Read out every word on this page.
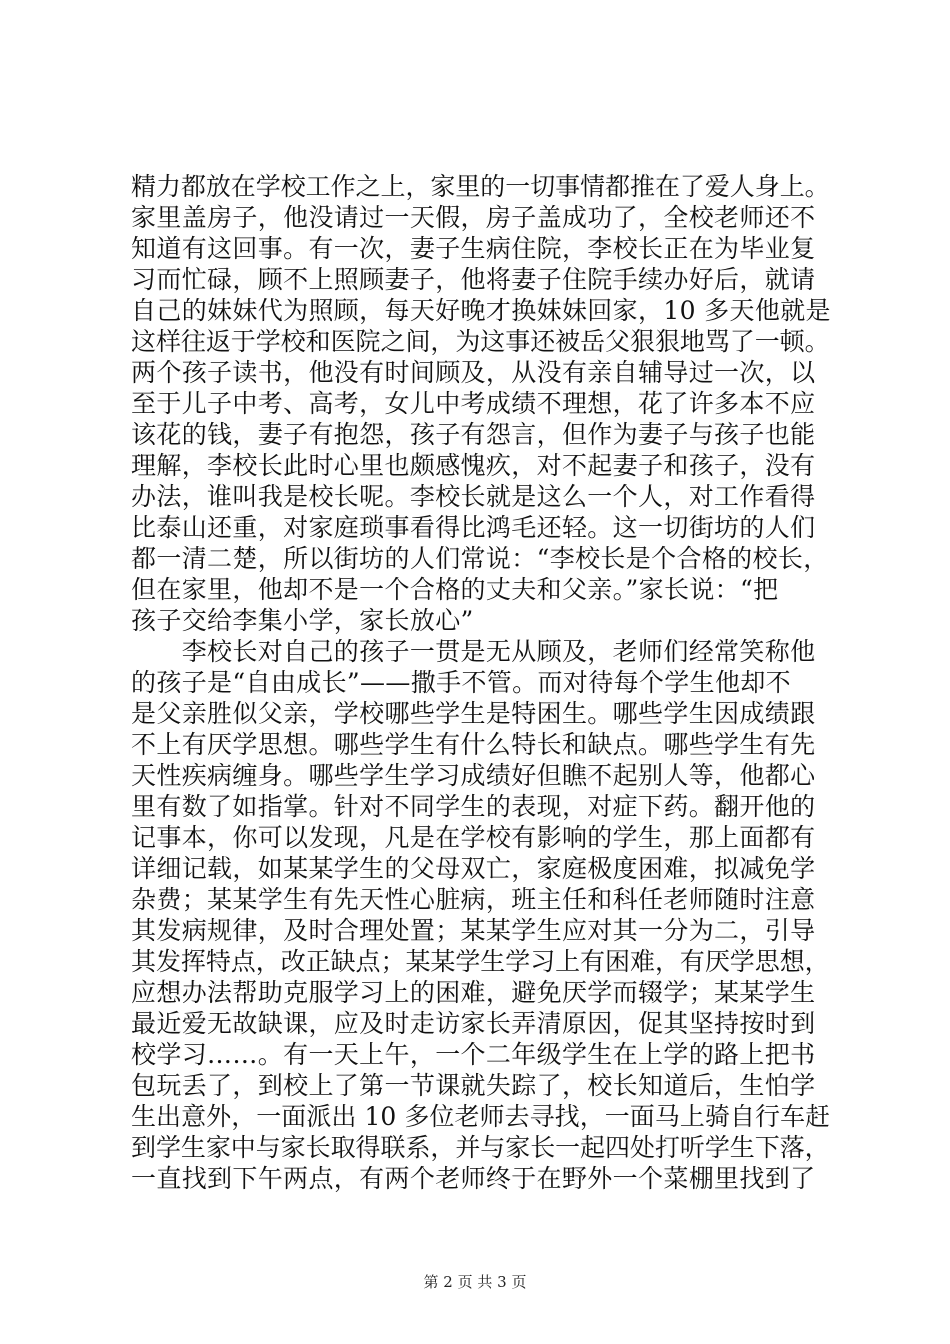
精力都放在学校工作之上，家里的一切事情都推在了爱人身上。
家里盖房子，他没请过一天假，房子盖成功了，全校老师还不
知道有这回事。有一次，妻子生病住院，李校长正在为毕业复
习而忙碌，顾不上照顾妻子，他将妻子住院手续办好后，就请
自己的妹妹代为照顾，每天好晚才换妹妹回家，10 多天他就是
这样往返于学校和医院之间，为这事还被岳父狠狠地骂了一顿。
两个孩子读书，他没有时间顾及，从没有亲自辅导过一次，以
至于儿子中考、高考，女儿中考成绩不理想，花了许多本不应
该花的钱，妻子有抱怨，孩子有怨言，但作为妻子与孩子也能
理解，李校长此时心里也颇感愧疚，对不起妻子和孩子，没有
办法，谁叫我是校长呢。李校长就是这么一个人，对工作看得
比泰山还重，对家庭琐事看得比鸿毛还轻。这一切街坊的人们
都一清二楚，所以街坊的人们常说：“李校长是个合格的校长，
但在家里，他却不是一个合格的丈夫和父亲。”家长说：“把
孩子交给李集小学，家长放心”
　　李校长对自己的孩子一贯是无从顾及，老师们经常笑称他
的孩子是“自由成长”——撒手不管。而对待每个学生他却不
是父亲胜似父亲，学校哪些学生是特困生。哪些学生因成绩跟
不上有厌学思想。哪些学生有什么特长和缺点。哪些学生有先
天性疾病缠身。哪些学生学习成绩好但瞧不起别人等，他都心
里有数了如指掌。针对不同学生的表现，对症下药。翻开他的
记事本，你可以发现，凡是在学校有影响的学生，那上面都有
详细记载，如某某学生的父母双亡，家庭极度困难，拟减免学
杂费；某某学生有先天性心脏病，班主任和科任老师随时注意
其发病规律，及时合理处置；某某学生应对其一分为二，引导
其发挥特点，改正缺点；某某学生学习上有困难，有厌学思想，
应想办法帮助克服学习上的困难，避免厌学而辍学；某某学生
最近爱无故缺课，应及时走访家长弄清原因，促其坚持按时到
校学习……。有一天上午，一个二年级学生在上学的路上把书
包玩丢了，到校上了第一节课就失踪了，校长知道后，生怕学
生出意外，一面派出 10 多位老师去寻找，一面马上骑自行车赶
到学生家中与家长取得联系，并与家长一起四处打听学生下落，
一直找到下午两点，有两个老师终于在野外一个菜棚里找到了
第 2 页 共 3 页
